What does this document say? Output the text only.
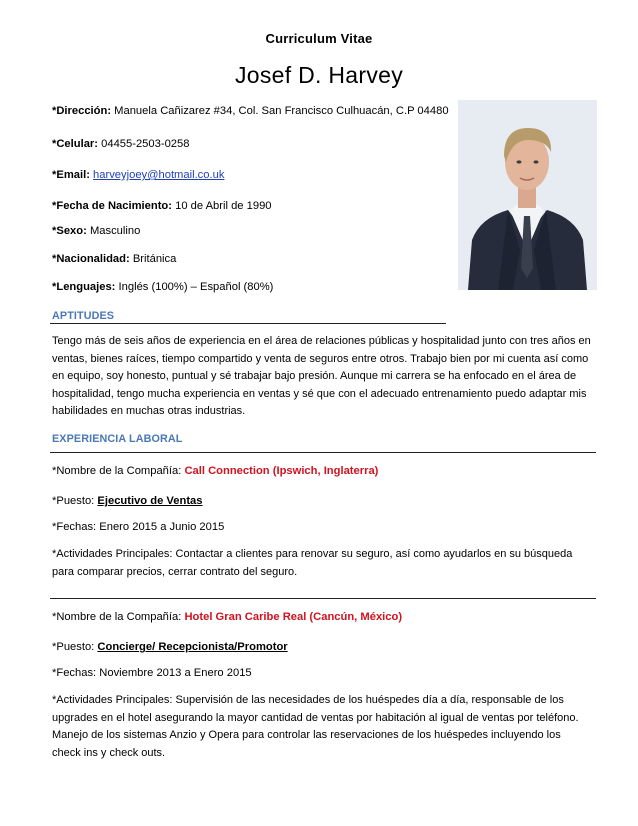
Curriculum Vitae
Josef D. Harvey
*Dirección: Manuela Cañizarez #34, Col. San Francisco Culhuacán, C.P 04480
*Celular: 04455-2503-0258
*Email: harveyjoey@hotmail.co.uk
*Fecha de Nacimiento: 10 de Abril de 1990
*Sexo: Masculino
*Nacionalidad: Británica
*Lenguajes: Inglés (100%) – Español (80%)
APTITUDES
Tengo más de seis años de experiencia en el área de relaciones públicas y hospitalidad junto con tres años en ventas, bienes raíces, tiempo compartido y venta de seguros entre otros. Trabajo bien por mi cuenta así como en equipo, soy honesto, puntual y sé trabajar bajo presión. Aunque mi carrera se ha enfocado en el área de hospitalidad, tengo mucha experiencia en ventas y sé que con el adecuado entrenamiento puedo adaptar mis habilidades en muchas otras industrias.
EXPERIENCIA LABORAL
*Nombre de la Compañía: Call Connection (Ipswich, Inglaterra)
*Puesto: Ejecutivo de Ventas
*Fechas: Enero 2015 a Junio 2015
*Actividades Principales: Contactar a clientes para renovar su seguro, así como ayudarlos en su búsqueda para comparar precios, cerrar contrato del seguro.
*Nombre de la Compañía: Hotel Gran Caribe Real (Cancún, México)
*Puesto: Concierge/ Recepcionista/Promotor
*Fechas: Noviembre 2013 a Enero 2015
*Actividades Principales: Supervisión de las necesidades de los huéspedes día a día, responsable de los upgrades en el hotel asegurando la mayor cantidad de ventas por habitación al igual de ventas por teléfono. Manejo de los sistemas Anzio y Opera para controlar las reservaciones de los huéspedes incluyendo los check ins y check outs.
